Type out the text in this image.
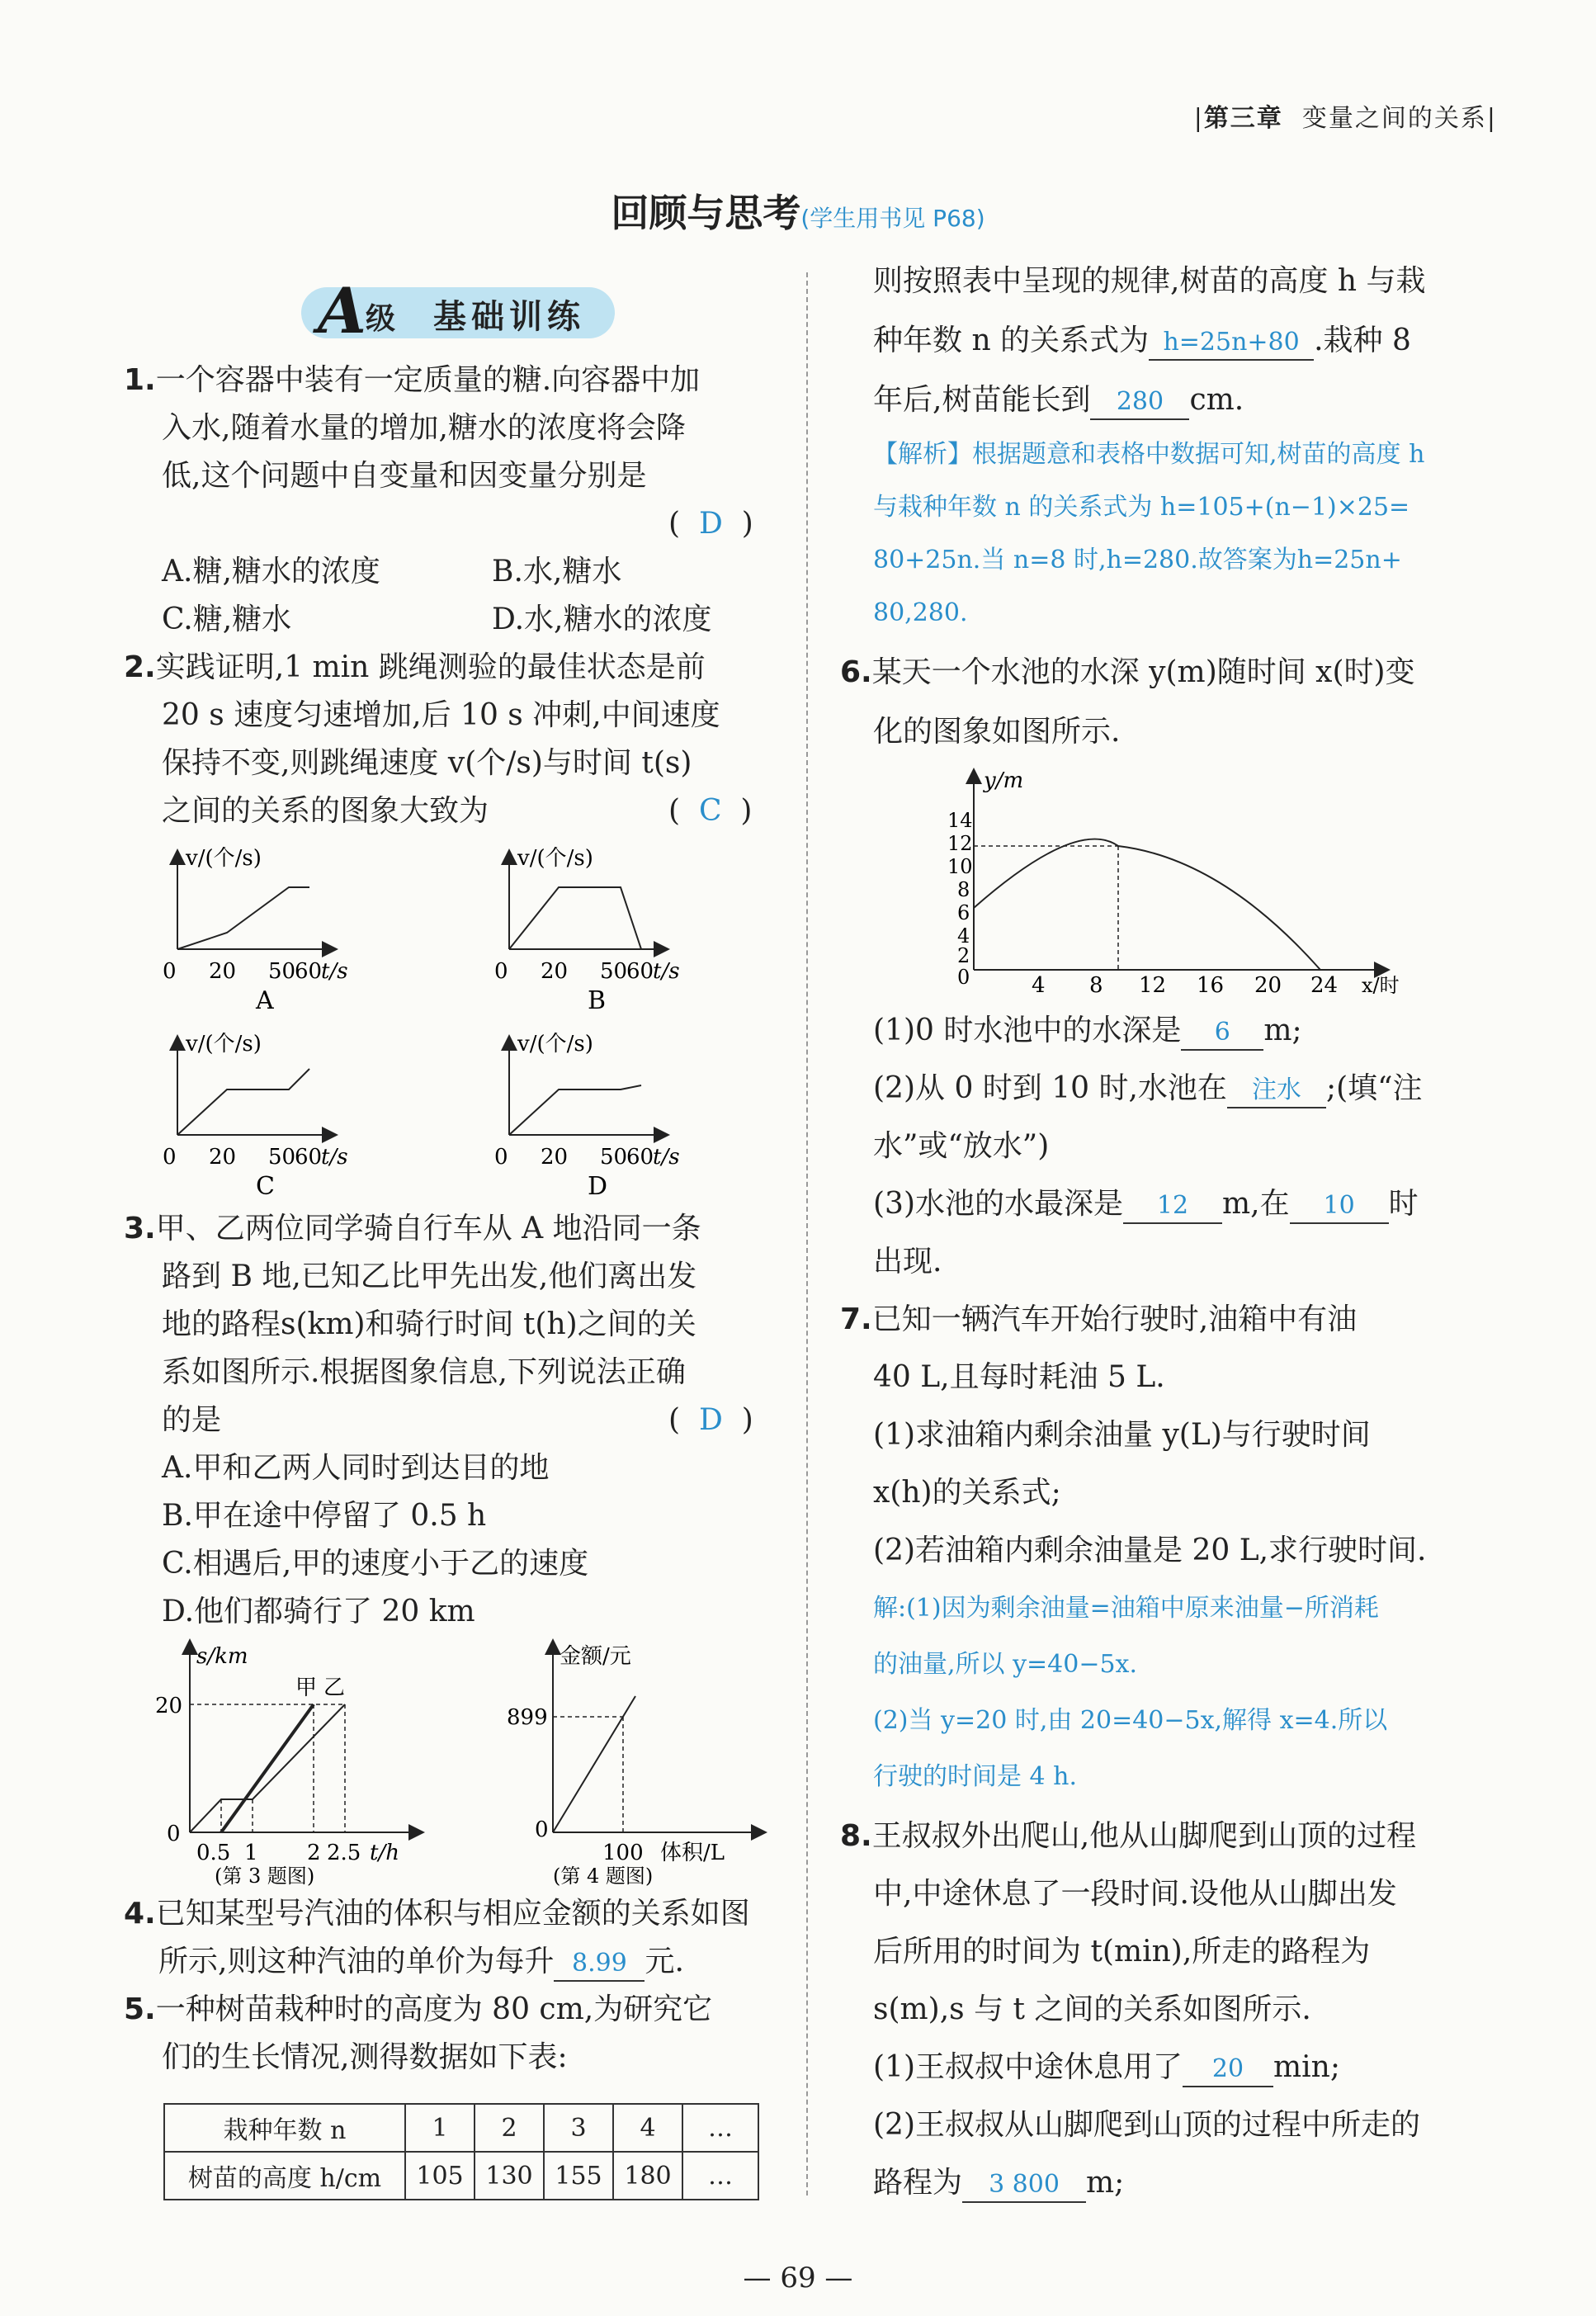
|第三章 变量之间的关系|
回顾与思考(学生用书见 P68)
A 级 基础训练
1.一个容器中装有一定质量的糖.向容器中加
入水,随着水量的增加,糖水的浓度将会降
低,这个问题中自变量和因变量分别是
(  D  )
A.糖,糖水的浓度	B.水,糖水
C.糖,糖水	D.水,糖水的浓度
2.实践证明,1 min 跳绳测验的最佳状态是前
20 s 速度匀速增加,后 10 s 冲刺,中间速度
保持不变,则跳绳速度 v(个/s)与时间 t(s)
之间的关系的图象大致为	(  C  )
v/(个/s)
0 20 50
60
t/s
A
v/(个/s)
0 20 50
60
t/s
B
v/(个/s)
0 20 50
60
t/s
C
v/(个/s)
0 20 50
60
t/s
D
3.甲、乙两位同学骑自行车从 A 地沿同一条
路到 B 地,已知乙比甲先出发,他们离出发
地的路程s(km)和骑行时间 t(h)之间的关
系如图所示.根据图象信息,下列说法正确
的是	(  D  )
A.甲和乙两人同时到达目的地
B.甲在途中停留了 0.5 h
C.相遇后,甲的速度小于乙的速度
D.他们都骑行了 20 km
s/km
甲 乙
20
0
0.5 1 2 2.5 t/h
(第 3 题图)
金额/元
899
0
100 体积/L
(第 4 题图)
4.已知某型号汽油的体积与相应金额的关系如图
所示,则这种汽油的单价为每升 8.99 元.
5.一种树苗栽种时的高度为 80 cm,为研究它
们的生长情况,测得数据如下表:
栽种年数 n	1	2	3	4	…
树苗的高度 h/cm	105	130	155	180	…
则按照表中呈现的规律,树苗的高度 h 与栽
种年数 n 的关系式为 h=25n+80 .栽种 8
年后,树苗能长到 280 cm.
【解析】根据题意和表格中数据可知,树苗的高度 h
与栽种年数 n 的关系式为 h=105+(n−1)×25=
80+25n.当 n=8 时,h=280.故答案为h=25n+
80,280.
6.某天一个水池的水深 y(m)随时间 x(时)变
化的图象如图所示.
y/m
14
12
10
8
6
4
2
0	4 8 12 16 20 24 x/时
(1)0 时水池中的水深是 6 m;
(2)从 0 时到 10 时,水池在 注水 ;(填“注
水”或“放水”)
(3)水池的水最深是 12 m,在 10 时
出现.
7.已知一辆汽车开始行驶时,油箱中有油
40 L,且每时耗油 5 L.
(1)求油箱内剩余油量 y(L)与行驶时间
x(h)的关系式;
(2)若油箱内剩余油量是 20 L,求行驶时间.
解:(1)因为剩余油量=油箱中原来油量−所消耗
的油量,所以 y=40−5x.
(2)当 y=20 时,由 20=40−5x,解得 x=4.所以
行驶的时间是 4 h.
8.王叔叔外出爬山,他从山脚爬到山顶的过程
中,中途休息了一段时间.设他从山脚出发
后所用的时间为 t(min),所走的路程为
s(m),s 与 t 之间的关系如图所示.
(1)王叔叔中途休息用了 20 min;
(2)王叔叔从山脚爬到山顶的过程中所走的
路程为 3 800 m;
— 69 —
